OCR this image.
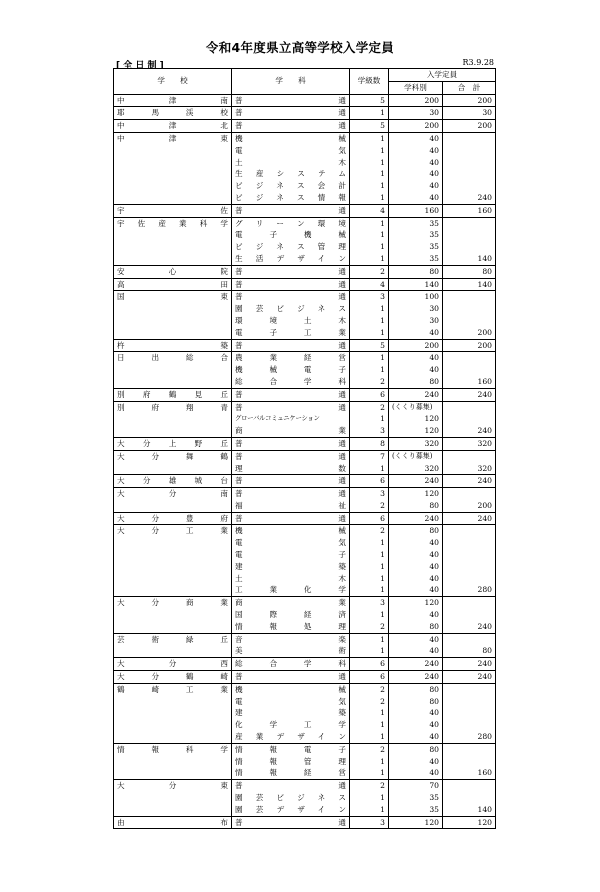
令和4年度県立高等学校入学定員
[ 全 日 制 ]	R3.9.28
学　　校	学　　科	学級数	入学定員	
			学科別	合　計
中津南	普通	5	200	200
耶馬渓校	普通	1	30	30
中津北	普通	5	200	200
中津東	機械	1	40	
	電気	1	40	
	土木	1	40	
	生産システム	1	40	
	ビジネス会計	1	40	
	ビジネス情報	1	40	240
宇佐	普通	4	160	160
宇佐産業科学	グリーン環境	1	35	
	電子機械	1	35	
	ビジネス管理	1	35	
	生活デザイン	1	35	140
安心院	普通	2	80	80
高田	普通	4	140	140
国東	普通	3	100	
	園芸ビジネス	1	30	
	環境土木	1	30	
	電子工業	1	40	200
杵築	普通	5	200	200
日出総合	農業経営	1	40	
	機械電子	1	40	
	総合学科	2	80	160
別府鶴見丘	普通	6	240	240
別府翔青	普通	2	(くくり募集)	
	グローバルコミュニケーション	1	120	
	商業	3	120	240
大分上野丘	普通	8	320	320
大分舞鶴	普通	7	(くくり募集)	
	理数	1	320	320
大分雄城台	普通	6	240	240
大分南	普通	3	120	
	福祉	2	80	200
大分豊府	普通	6	240	240
大分工業	機械	2	80	
	電気	1	40	
	電子	1	40	
	建築	1	40	
	土木	1	40	
	工業化学	1	40	280
大分商業	商業	3	120	
	国際経済	1	40	
	情報処理	2	80	240
芸術緑丘	音楽	1	40	
	美術	1	40	80
大分西	総合学科	6	240	240
大分鶴崎	普通	6	240	240
鶴崎工業	機械	2	80	
	電気	2	80	
	建築	1	40	
	化学工学	1	40	
	産業デザイン	1	40	280
情報科学	情報電子	2	80	
	情報管理	1	40	
	情報経営	1	40	160
大分東	普通	2	70	
	園芸ビジネス	1	35	
	園芸デザイン	1	35	140
由布	普通	3	120	120
